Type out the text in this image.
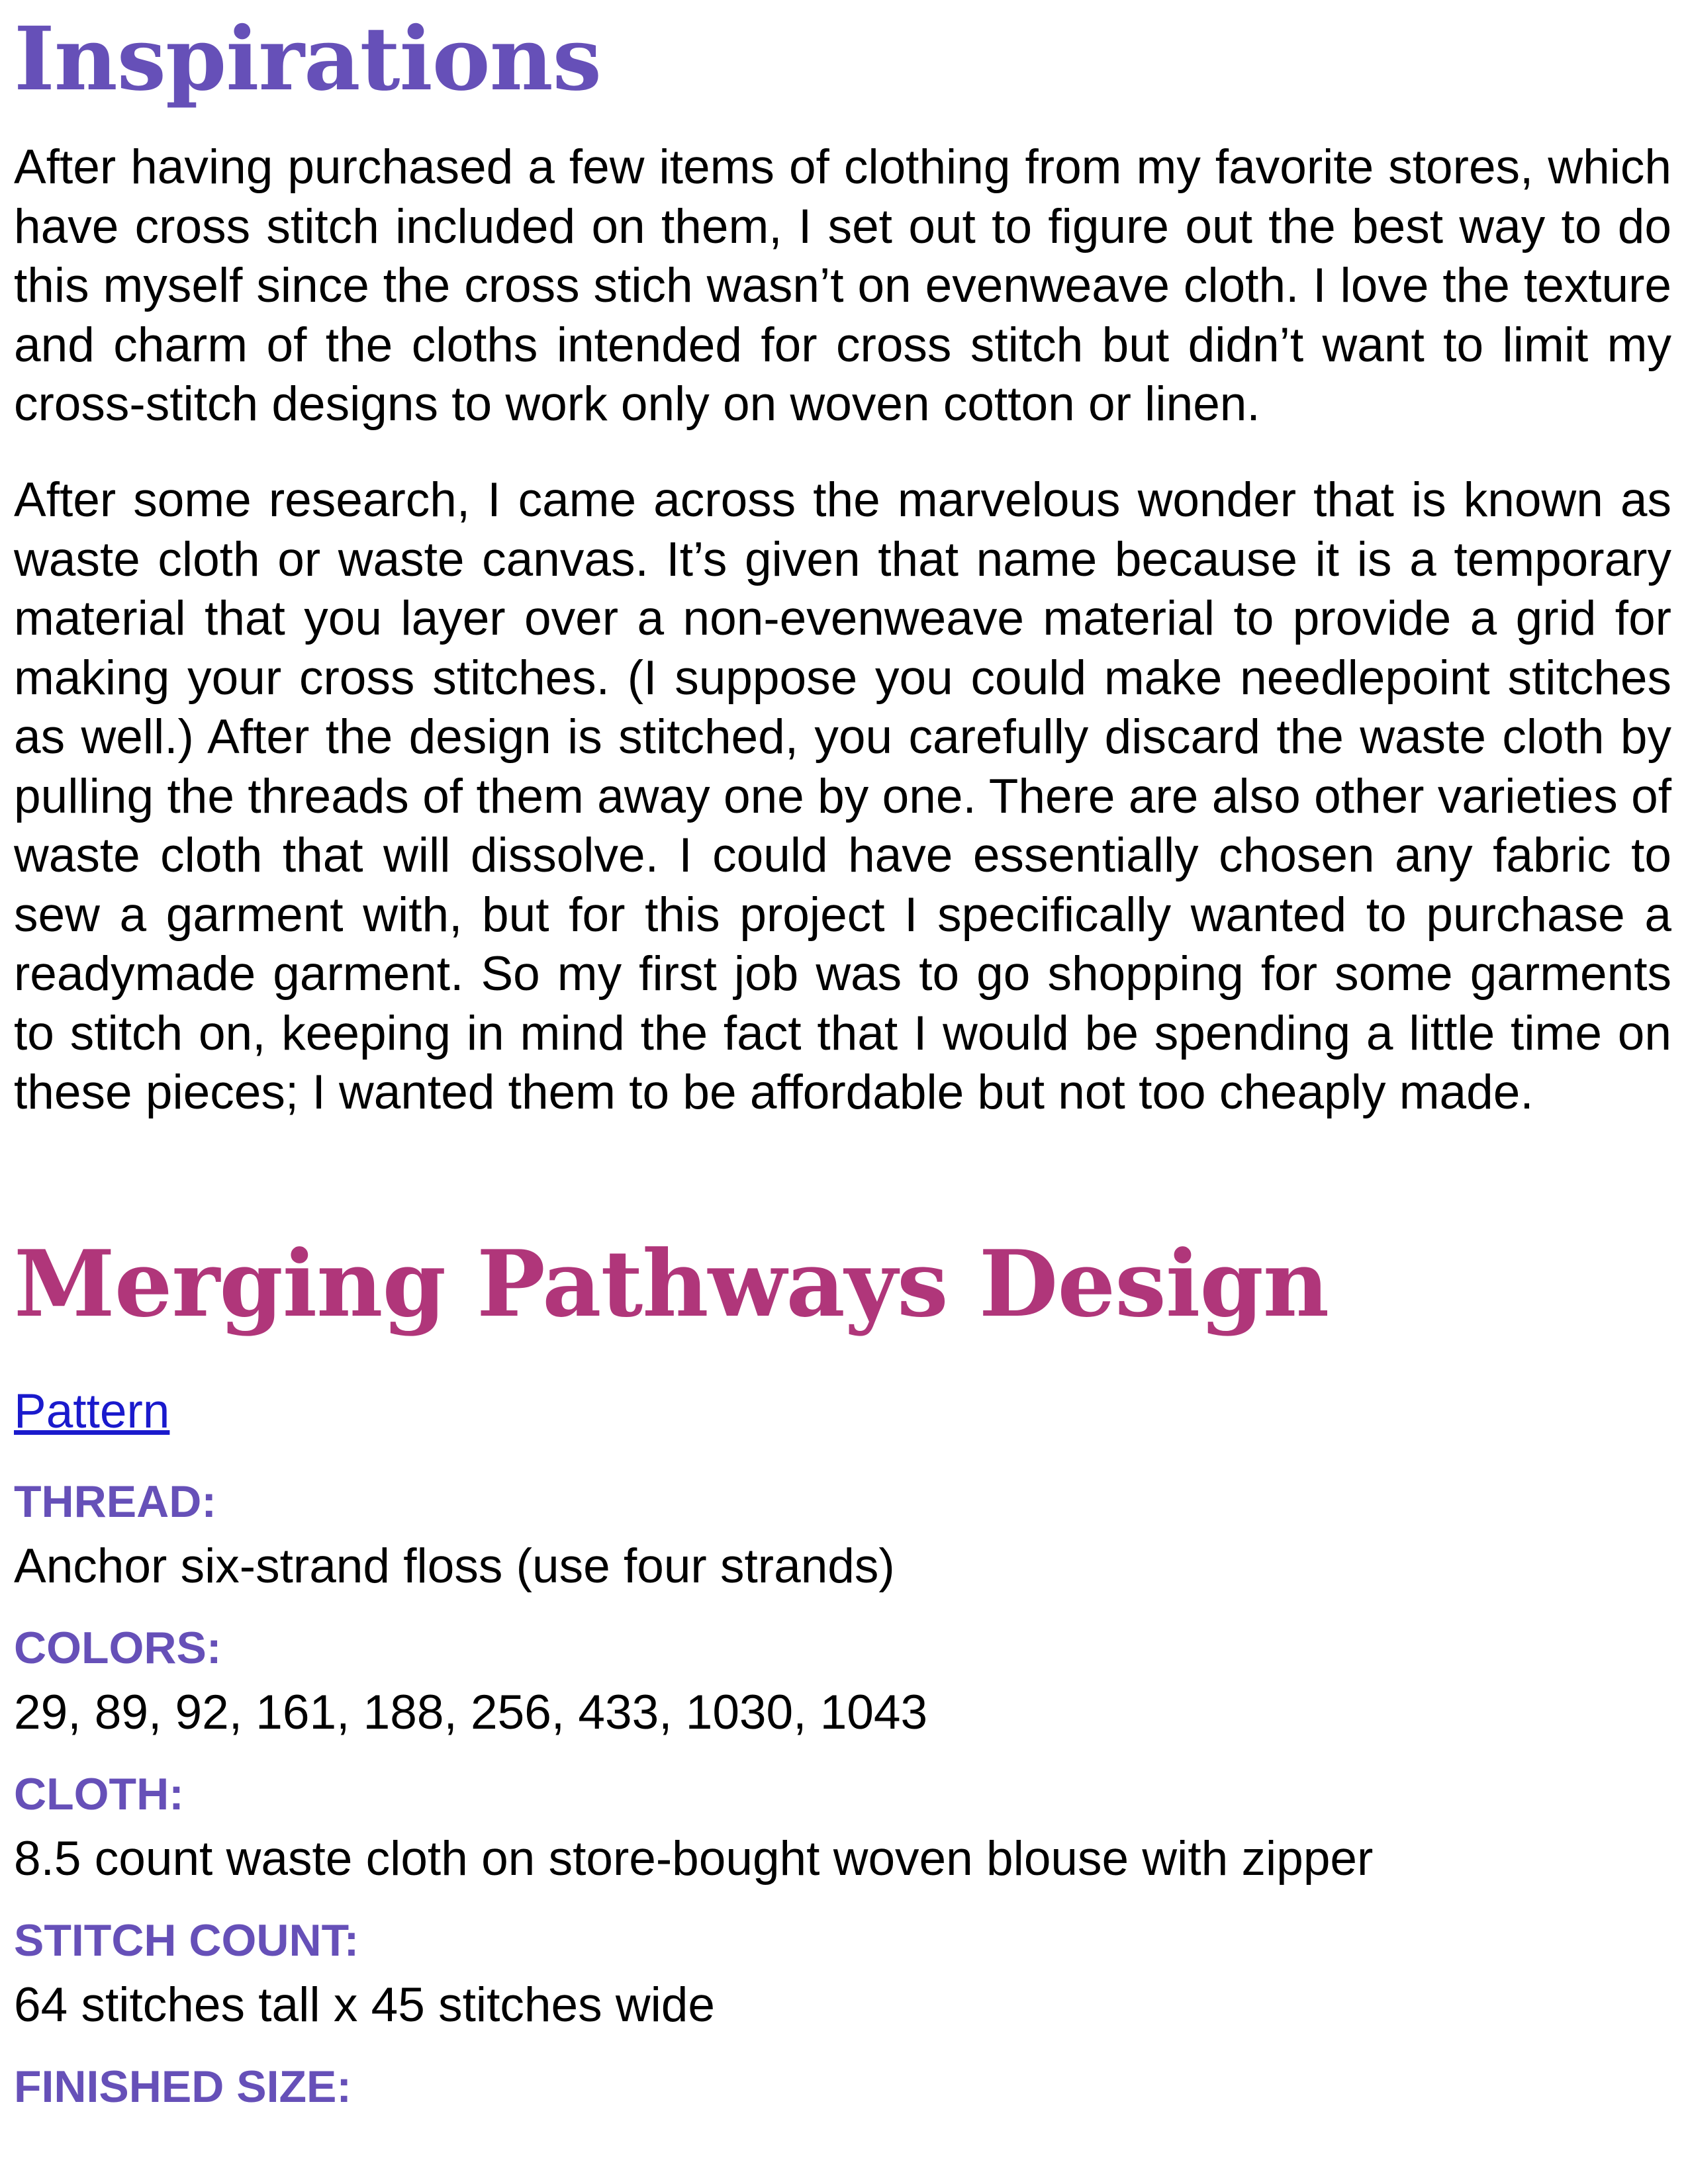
Inspirations

After having purchased a few items of clothing from my favorite stores, which have cross stitch included on them, I set out to figure out the best way to do this myself since the cross stich wasn’t on evenweave cloth. I love the texture and charm of the cloths intended for cross stitch but didn’t want to limit my cross-stitch designs to work only on woven cotton or linen.

After some research, I came across the marvelous wonder that is known as waste cloth or waste canvas. It’s given that name because it is a temporary material that you layer over a non-evenweave material to provide a grid for making your cross stitches. (I suppose you could make needlepoint stitches as well.) After the design is stitched, you carefully discard the waste cloth by pulling the threads of them away one by one. There are also other varieties of waste cloth that will dissolve. I could have essentially chosen any fabric to sew a garment with, but for this project I specifically wanted to purchase a readymade garment. So my first job was to go shopping for some garments to stitch on, keeping in mind the fact that I would be spending a little time on these pieces; I wanted them to be affordable but not too cheaply made.

Merging Pathways Design
Pattern
THREAD:
Anchor six-strand floss (use four strands)
COLORS:
29, 89, 92, 161, 188, 256, 433, 1030, 1043
CLOTH:
8.5 count waste cloth on store-bought woven blouse with zipper
STITCH COUNT:
64 stitches tall x 45 stitches wide
FINISHED SIZE:
